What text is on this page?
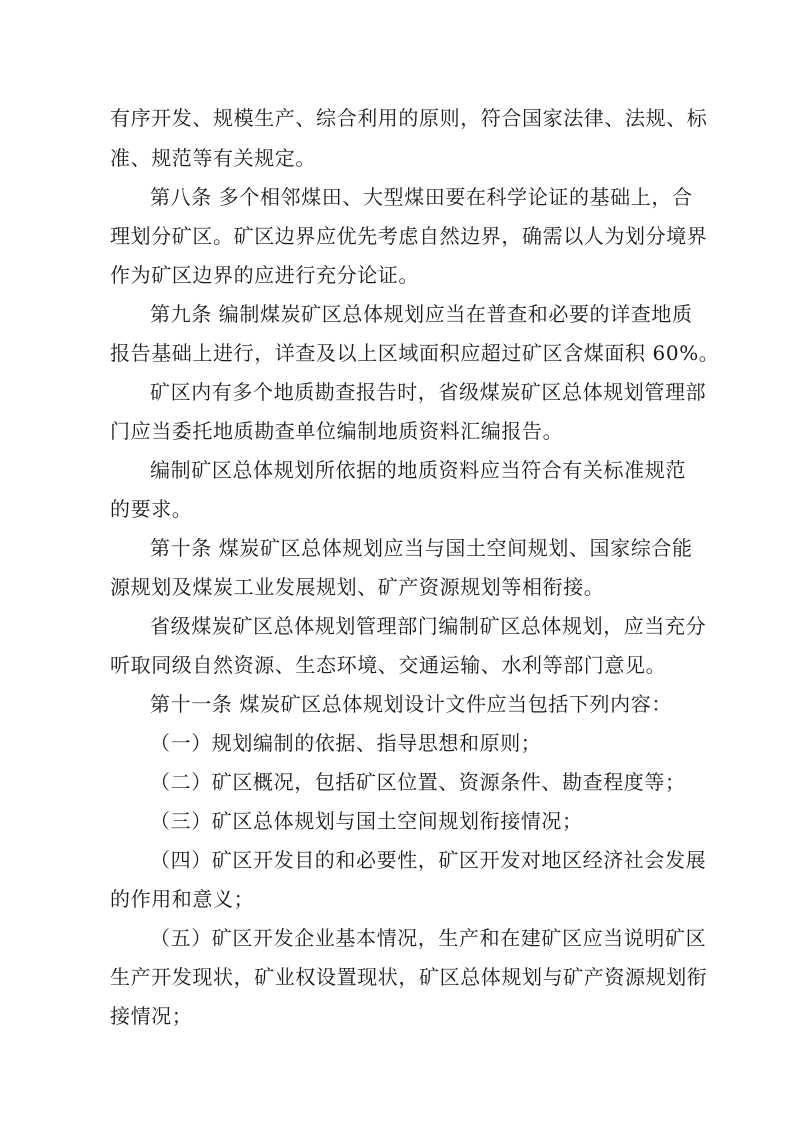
有序开发、规模生产、综合利用的原则，符合国家法律、法规、标
准、规范等有关规定。
第八条 多个相邻煤田、大型煤田要在科学论证的基础上，合
理划分矿区。矿区边界应优先考虑自然边界，确需以人为划分境界
作为矿区边界的应进行充分论证。
第九条 编制煤炭矿区总体规划应当在普查和必要的详查地质
报告基础上进行，详查及以上区域面积应超过矿区含煤面积 60%。
矿区内有多个地质勘查报告时，省级煤炭矿区总体规划管理部
门应当委托地质勘查单位编制地质资料汇编报告。
编制矿区总体规划所依据的地质资料应当符合有关标准规范
的要求。
第十条 煤炭矿区总体规划应当与国土空间规划、国家综合能
源规划及煤炭工业发展规划、矿产资源规划等相衔接。
省级煤炭矿区总体规划管理部门编制矿区总体规划，应当充分
听取同级自然资源、生态环境、交通运输、水利等部门意见。
第十一条 煤炭矿区总体规划设计文件应当包括下列内容：
（一）规划编制的依据、指导思想和原则；
（二）矿区概况，包括矿区位置、资源条件、勘查程度等；
（三）矿区总体规划与国土空间规划衔接情况；
（四）矿区开发目的和必要性，矿区开发对地区经济社会发展
的作用和意义；
（五）矿区开发企业基本情况，生产和在建矿区应当说明矿区
生产开发现状，矿业权设置现状，矿区总体规划与矿产资源规划衔
接情况；
